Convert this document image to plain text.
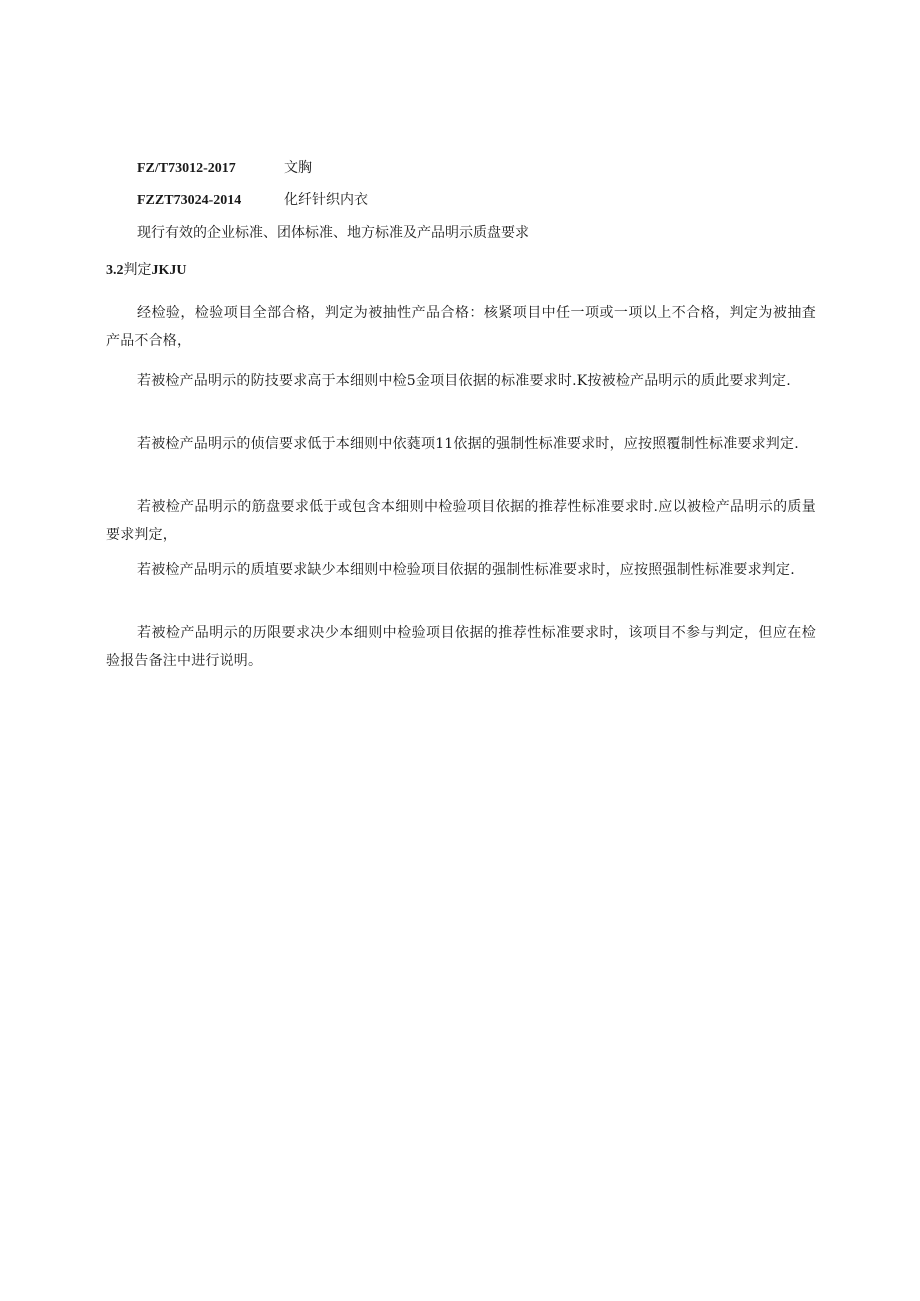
FZ/T73012-2017	文胸
FZZT73024-2014	化纤针织内衣
现行有效的企业标准、团体标准、地方标准及产品明示质盘要求
3.2判定JKJU
经检验，检验项目全部合格，判定为被抽性产品合格：核紧项目中任一项或一项以上不合格，判定为被抽査产品不合格，
若被检产品明示的防技要求高于本细则中检5金项目依据的标准要求时.K按被检产品明示的质此要求判定.
若被检产品明示的侦信要求低于本细则中依蕤项11依据的强制性标准要求时，应按照覆制性标准要求判定.
若被检产品明示的筋盘要求低于或包含本细则中检验项目依据的推荐性标准要求时.应以被检产品明示的质量要求判定，
若被检产品明示的质埴要求缺少本细则中检验项目依据的强制性标准要求时，应按照强制性标准要求判定.
若被检产品明示的历限要求决少本细则中检验项目依据的推荐性标准要求时，该项目不参与判定，但应在检验报告备注中进行说明。
